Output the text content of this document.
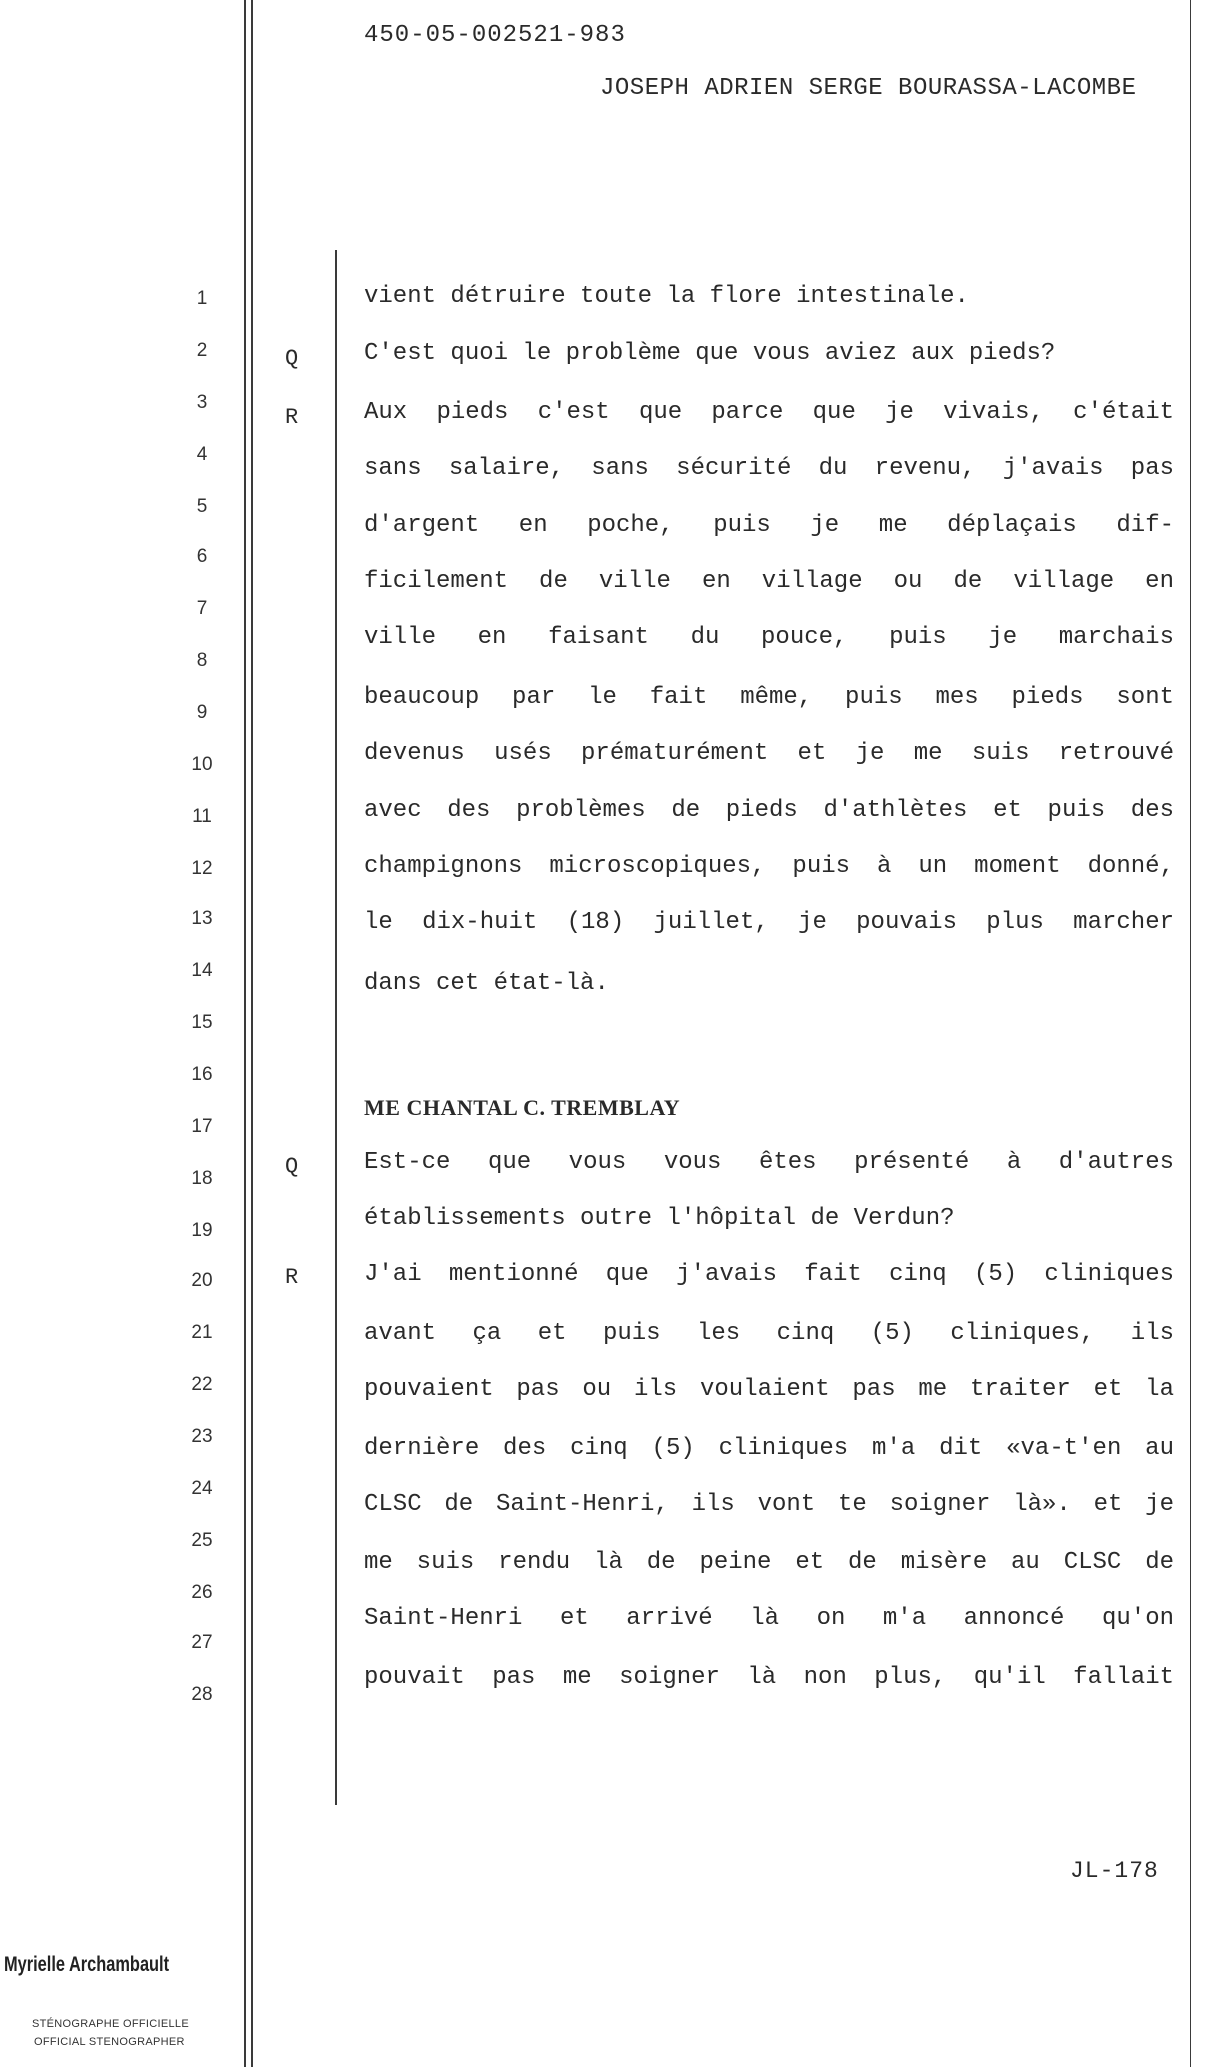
450-05-002521-983
JOSEPH ADRIEN SERGE BOURASSA-LACOMBE
1
2
3
4
5
6
7
8
9
10
11
12
13
14
15
16
17
18
19
20
21
22
23
24
25
26
27
28
Q
R
Q
R
vient détruire toute la flore intestinale.
C'est quoi le problème que vous aviez aux pieds?
Aux pieds c'est que parce que je vivais, c'était
sans salaire, sans sécurité du revenu, j'avais pas
d'argent en poche, puis je me déplaçais dif-
ficilement de ville en village ou de village en
ville en faisant du pouce, puis je marchais
beaucoup par le fait même, puis mes pieds sont
devenus usés prématurément et je me suis retrouvé
avec des problèmes de pieds d'athlètes et puis des
champignons microscopiques, puis à un moment donné,
le dix-huit (18) juillet, je pouvais plus marcher
dans cet état-là.
ME CHANTAL C. TREMBLAY
Est-ce que vous vous êtes présenté à d'autres
établissements outre l'hôpital de Verdun?
J'ai mentionné que j'avais fait cinq (5) cliniques
avant ça et puis les cinq (5) cliniques, ils
pouvaient pas ou ils voulaient pas me traiter et la
dernière des cinq (5) cliniques m'a dit «va-t'en au
CLSC de Saint-Henri, ils vont te soigner là». et je
me suis rendu là de peine et de misère au CLSC de
Saint-Henri et arrivé là on m'a annoncé qu'on
pouvait pas me soigner là non plus, qu'il fallait
JL-178
Myrielle Archambault
STÉNOGRAPHE OFFICIELLE
OFFICIAL STENOGRAPHER
